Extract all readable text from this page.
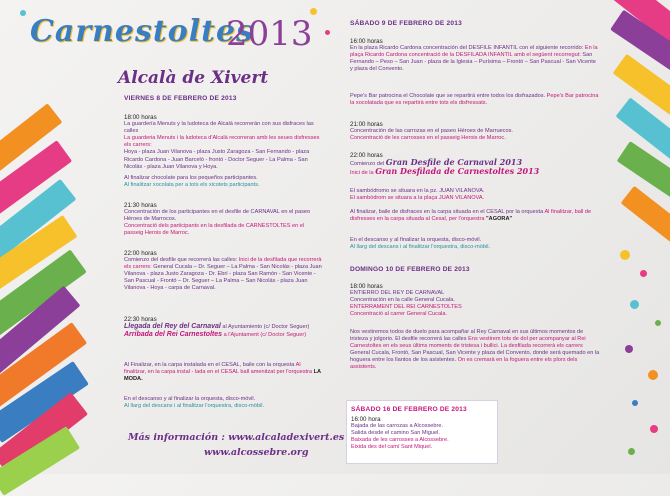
Carnestoltes
2013
Alcalà de Xivert
VIERNES 8 DE FEBRERO DE 2013
18:00 horas
La guardería Menuts y la ludoteca de Alcalá recorrerán con sus disfraces las calles
La guarderia Menuts i la ludoteca d'Alcalà recorreran amb les seues disfresses els carrers:
Hoya - plaza Juan Vilanova - plaza Justo Zaragoza - San Fernando - plaza Ricardo Cardona - Juan Barceló - frontó - Doctor Seguer - La Palma - San Nicolás - plaza Juan Vilanova y Hoya.
Al finalizar chocolate para los pequeños participantes.
Al finalitzar xocolata per a tots els xicotets participants.
21:30 horas
Concentración de los participantes en el desfile de CARNAVAL en el paseo Héroes de Marrocos.
Concentració dels participants en la desfilada de CARNESTOLTES en el passeig Herois de Marroc.
22:00 horas
Comienzo del desfile que recorrerá las calles: Inici de la desfilada que recorrerà els carrers: General Cucala – Dr. Seguer – La Palma - San Nicolás - plaza Juan Vilanova - plaza Justo Zaragoza - Dr. Ebrí - plaza San Ramón - San Vicente - San Pascual - Frontó – Dr. Seguer – La Palma – San Nicolás - plaza Juan Vilanova - Hoya - carpa de Carnaval.
22:30 horas
Llegada del Rey del Carnaval al Ayuntamiento (c/ Doctor Seguer)
Arribada del Rei Carnestoltes a l'Ajuntament (c/ Doctor Seguer)
Al Finalizar, en la carpa instalada en el CESAL, baile con la orquesta Al finalitzar, en la carpa instal - lada en el CESAL ball amenitzat per l'orquestra LA MODA.
En el descanso y al finalizar la orquesta, disco-móvil.
Al llarg del descans i al finalitzar l'orquestra, disco-mòbil.
Más información : www.alcaladexivert.es
www.alcossebre.org
SÁBADO 9 DE FEBRERO DE 2013
16:00 horas
En la plaza Ricardo Cardona concentración del DESFILE INFANTIL con el siguiente recorrido: En la plaça Ricardo Cardona concentració de la DESFILADA INFANTIL amb el següent recorregut: San Fernando – Peso – San Juan - plaza de la Iglesia – Purísima – Frontó – San Pascual - San Vicente y plaza del Convento.
Pepe's Bar patrocina el Chocolate que se repartirá entre todos los disfrazados. Pepe's Bar patrocina la xocolatada que es repartirà entre tots els disfressats.
21:00 horas
Concentración de las carrozas en el paseo Héroes de Marruecos.
Concentració de les carrosses en el passeig Herois de Marroc.
22:00 horas
Comienzo del Gran Desfile de Carnaval 2013
Inici de la Gran Desfilada de Carnestoltes 2013
El sambódromo se situara en la pz. JUAN VILANOVA.
El sambòdrom se situara a la plaça JUAN VILANOVA.
Al finalizar, baile de disfraces en la carpa situada en el CESAL por la orquesta Al finalitzar, ball de disfresses en la carpa situada al Cesal, per l'orquestra "AGORA"
En el descanso y al finalizar la orquesta, disco-móvil.
Al llarg del descans i al finalitzar l'orquestra, disco-mòbil.
DOMINGO 10 DE FEBRERO DE 2013
18:00 horas
ENTIERRO DEL REY DE CARNAVAL
Concentración en la calle General Cucala.
ENTERRAMENT DEL REI CARNESTOLTES
Concentració al carrer General Cucala.
Nos vestiremos todos de duelo para acompañar al Rey Carnaval en sus últimos momentos de tristeza y jolgorio. El desfile recorrerá las calles Ens vestirem tots de dol per acompanyar al Rei Carnestoltes en els seus últims moments de tristesa i bullici. La desfilada recorrerà els carrers General Cucala, Frontó, San Pascual, San Vicente y plaza del Convento, donde será quemado en la hoguera entre los llantos de los asistentes. On es cremarà en la foguera entre els plors dels assistents.
SÁBADO 16 DE FEBRERO DE 2013
16:00 hora
Bajada de las carrozas a Alcossebre.
Salida desde el camino San Miguel.
Baixada de les carrosses a Alcossebre.
Eixida des del camí Sant Miquel.
